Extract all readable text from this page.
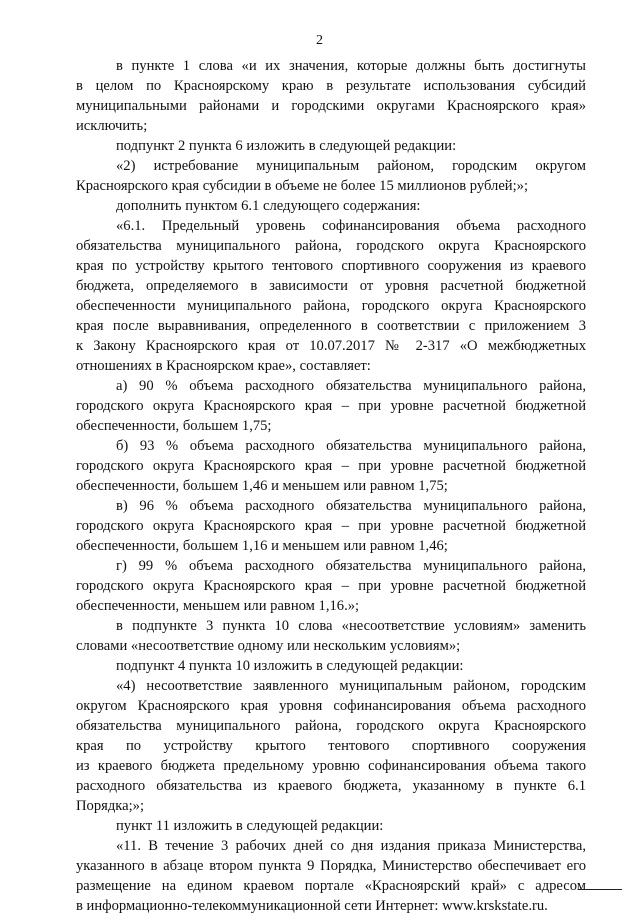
2
в пункте 1 слова «и их значения, которые должны быть достигнуты
в целом по Красноярскому краю в результате использования субсидий
муниципальными районами и городскими округами Красноярского края»
исключить;
подпункт 2 пункта 6 изложить в следующей редакции:
«2) истребование муниципальным районом, городским округом
Красноярского края субсидии в объеме не более 15 миллионов рублей;»;
дополнить пунктом 6.1 следующего содержания:
«6.1. Предельный уровень софинансирования объема расходного
обязательства муниципального района, городского округа Красноярского
края по устройству крытого тентового спортивного сооружения из краевого
бюджета, определяемого в зависимости от уровня расчетной бюджетной
обеспеченности муниципального района, городского округа Красноярского
края после выравнивания, определенного в соответствии с приложением 3
к Закону Красноярского края от 10.07.2017 № 2-317 «О межбюджетных
отношениях в Красноярском крае», составляет:
а) 90 % объема расходного обязательства муниципального района,
городского округа Красноярского края – при уровне расчетной бюджетной
обеспеченности, большем 1,75;
б) 93 % объема расходного обязательства муниципального района,
городского округа Красноярского края – при уровне расчетной бюджетной
обеспеченности, большем 1,46 и меньшем или равном 1,75;
в) 96 % объема расходного обязательства муниципального района,
городского округа Красноярского края – при уровне расчетной бюджетной
обеспеченности, большем 1,16 и меньшем или равном 1,46;
г) 99 % объема расходного обязательства муниципального района,
городского округа Красноярского края – при уровне расчетной бюджетной
обеспеченности, меньшем или равном 1,16.»;
в подпункте 3 пункта 10 слова «несоответствие условиям» заменить
словами «несоответствие одному или нескольким условиям»;
подпункт 4 пункта 10 изложить в следующей редакции:
«4) несоответствие заявленного муниципальным районом, городским
округом Красноярского края уровня софинансирования объема расходного
обязательства муниципального района, городского округа Красноярского
края по устройству крытого тентового спортивного сооружения
из краевого бюджета предельному уровню софинансирования объема такого
расходного обязательства из краевого бюджета, указанному в пункте 6.1
Порядка;»;
пункт 11 изложить в следующей редакции:
«11. В течение 3 рабочих дней со дня издания приказа Министерства,
указанного в абзаце втором пункта 9 Порядка, Министерство обеспечивает его
размещение на едином краевом портале «Красноярский край» с адресом
в информационно-телекоммуникационной сети Интернет: www.krskstate.ru.
